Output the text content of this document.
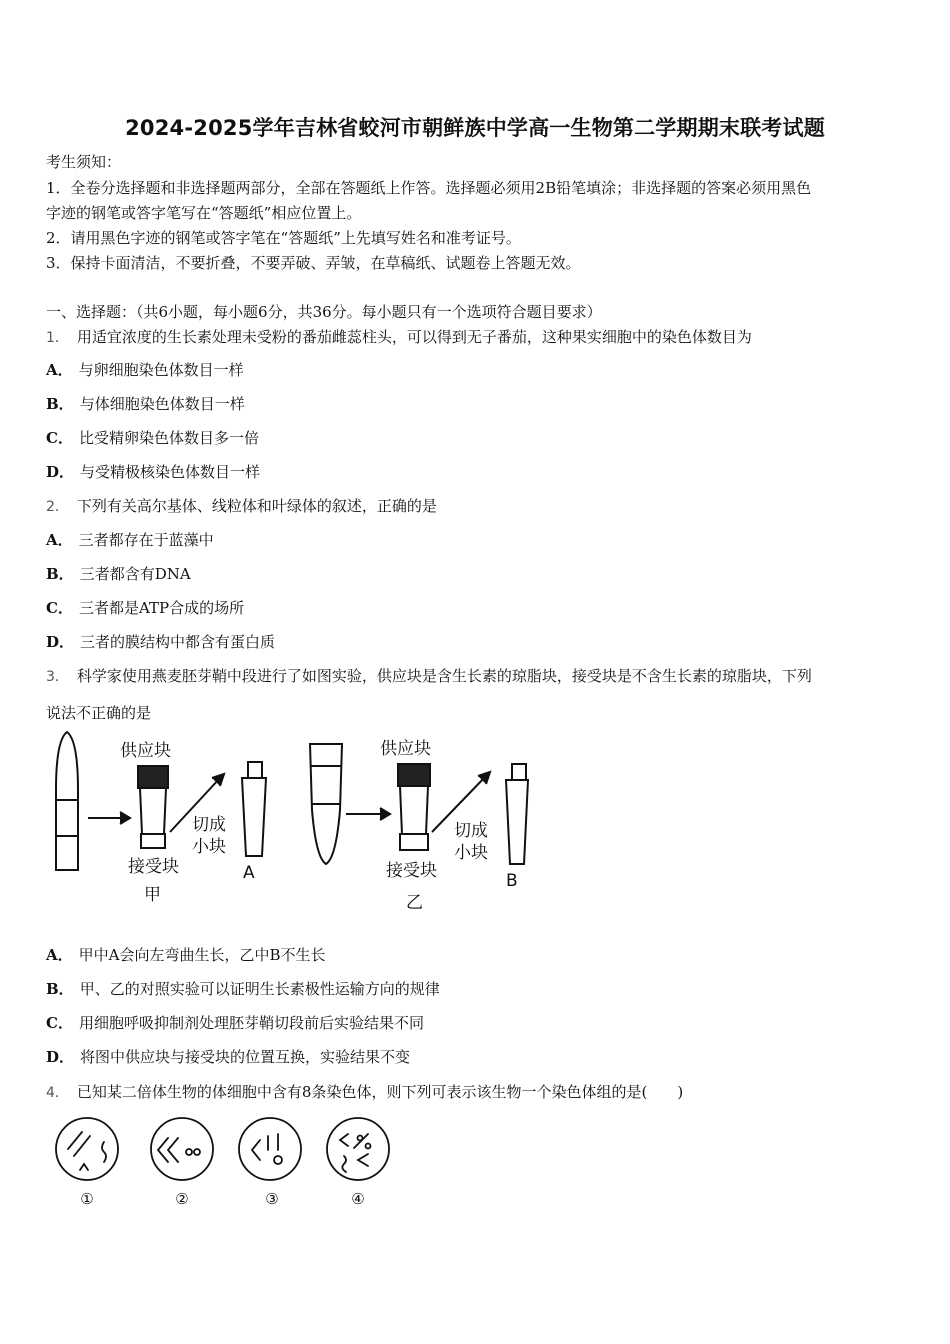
2024-2025学年吉林省蛟河市朝鲜族中学高一生物第二学期期末联考试题
考生须知：
1．全卷分选择题和非选择题两部分，全部在答题纸上作答。选择题必须用2B铅笔填涂；非选择题的答案必须用黑色
字迹的钢笔或答字笔写在“答题纸”相应位置上。
2．请用黑色字迹的钢笔或答字笔在“答题纸”上先填写姓名和准考证号。
3．保持卡面清洁，不要折叠，不要弄破、弄皱，在草稿纸、试题卷上答题无效。
一、选择题：（共6小题，每小题6分，共36分。每小题只有一个选项符合题目要求）
1． 用适宜浓度的生长素处理未受粉的番茄雌蕊柱头，可以得到无子番茄，这种果实细胞中的染色体数目为
A． 与卵细胞染色体数目一样
B． 与体细胞染色体数目一样
C． 比受精卵染色体数目多一倍
D． 与受精极核染色体数目一样
2． 下列有关高尔基体、线粒体和叶绿体的叙述，正确的是
A． 三者都存在于蓝藻中
B． 三者都含有DNA
C． 三者都是ATP合成的场所
D． 三者的膜结构中都含有蛋白质
3． 科学家使用燕麦胚芽鞘中段进行了如图实验，供应块是含生长素的琼脂块，接受块是不含生长素的琼脂块，下列
说法不正确的是
供应块
接受块
甲
切成
小块
A
供应块
接受块
乙
切成
小块
B
A． 甲中A会向左弯曲生长，乙中B不生长
B． 甲、乙的对照实验可以证明生长素极性运输方向的规律
C． 用细胞呼吸抑制剂处理胚芽鞘切段前后实验结果不同
D． 将图中供应块与接受块的位置互换，实验结果不变
4． 已知某二倍体生物的体细胞中含有8条染色体，则下列可表示该生物一个染色体组的是(　　)
①	②	③	④
